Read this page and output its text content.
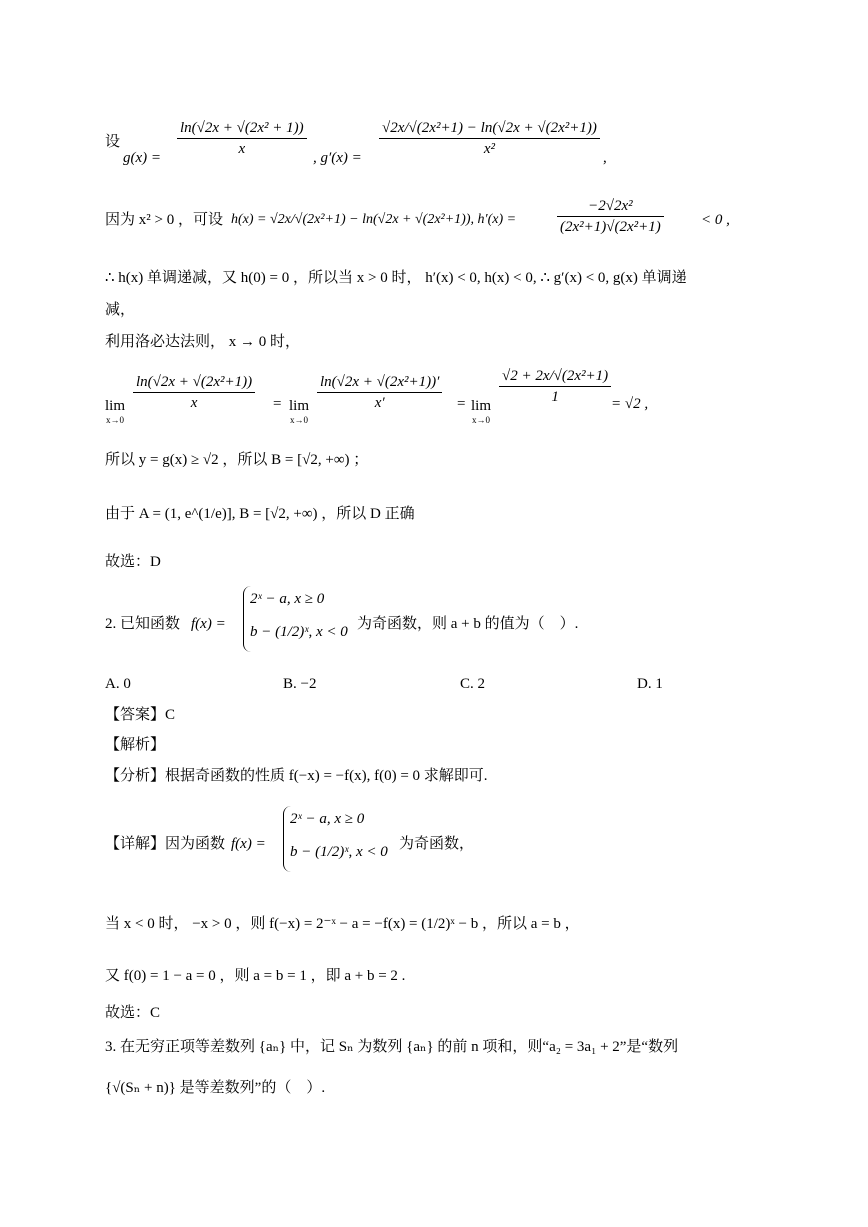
设
$g(x) = \frac{\text{ln(√2x + √(2x² + 1))}}{x}$ , $g'(x) = \frac{\text{√2x/√(2x²+1) − ln(√2x + √(2x²+1))}}{\text{x²}}$ ,
因为 x² > 0 ，可设 h(x) = √2x/√(2x²+1) − ln(√2x + √(2x²+1)), h′(x) =	$\frac{\text{−2√2x²}}{\text{(2x²+1)√(2x²+1)}} < 0$ ,
∴ h(x) 单调递减，又 h(0) = 0 ，所以当 x > 0 时， h′(x) < 0, h(x) < 0, ∴ g′(x) < 0, g(x) 单调递
减，
利用洛必达法则， x → 0 时，
lim
x→0
$\frac{\text{ln(√2x + √(2x²+1))}}{x} = \lim$
x→0
$\frac{\text{ln(√2x + √(2x²+1))′}}{x'} = \lim$
x→0
$\frac{\text{√2 + 2x/√(2x²+1)}}{1} = √2$ ,
所以 y = g(x) ≥ √2 ，所以 B = [√2, +∞) ；
由于 A = (1, e^(1/e)], B = [√2, +∞) ，所以 D 正确
故选：D
2. 已知函数 f(x) =
2ˣ − a, x ≥ 0
b − (1/2)ˣ, x < 0 为奇函数，则 a + b 的值为（　）.
A. 0	B. −2	C. 2	D. 1
【答案】C
【解析】
【分析】根据奇函数的性质 f(−x) = −f(x), f(0) = 0 求解即可.
【详解】因为函数 f(x) =
2ˣ − a, x ≥ 0
b − (1/2)ˣ, x < 0 为奇函数，
当 x < 0 时， −x > 0 ，则 f(−x) = 2⁻ˣ − a = −f(x) = (1/2)ˣ − b ，所以 a = b ，
又 f(0) = 1 − a = 0 ，则 a = b = 1 ，即 a + b = 2 .
故选：C
3. 在无穷正项等差数列 {aₙ} 中，记 Sₙ 为数列 {aₙ} 的前 n 项和，则“a₂ = 3a₁ + 2”是“数列
{√(Sₙ + n)} 是等差数列”的（　）.
